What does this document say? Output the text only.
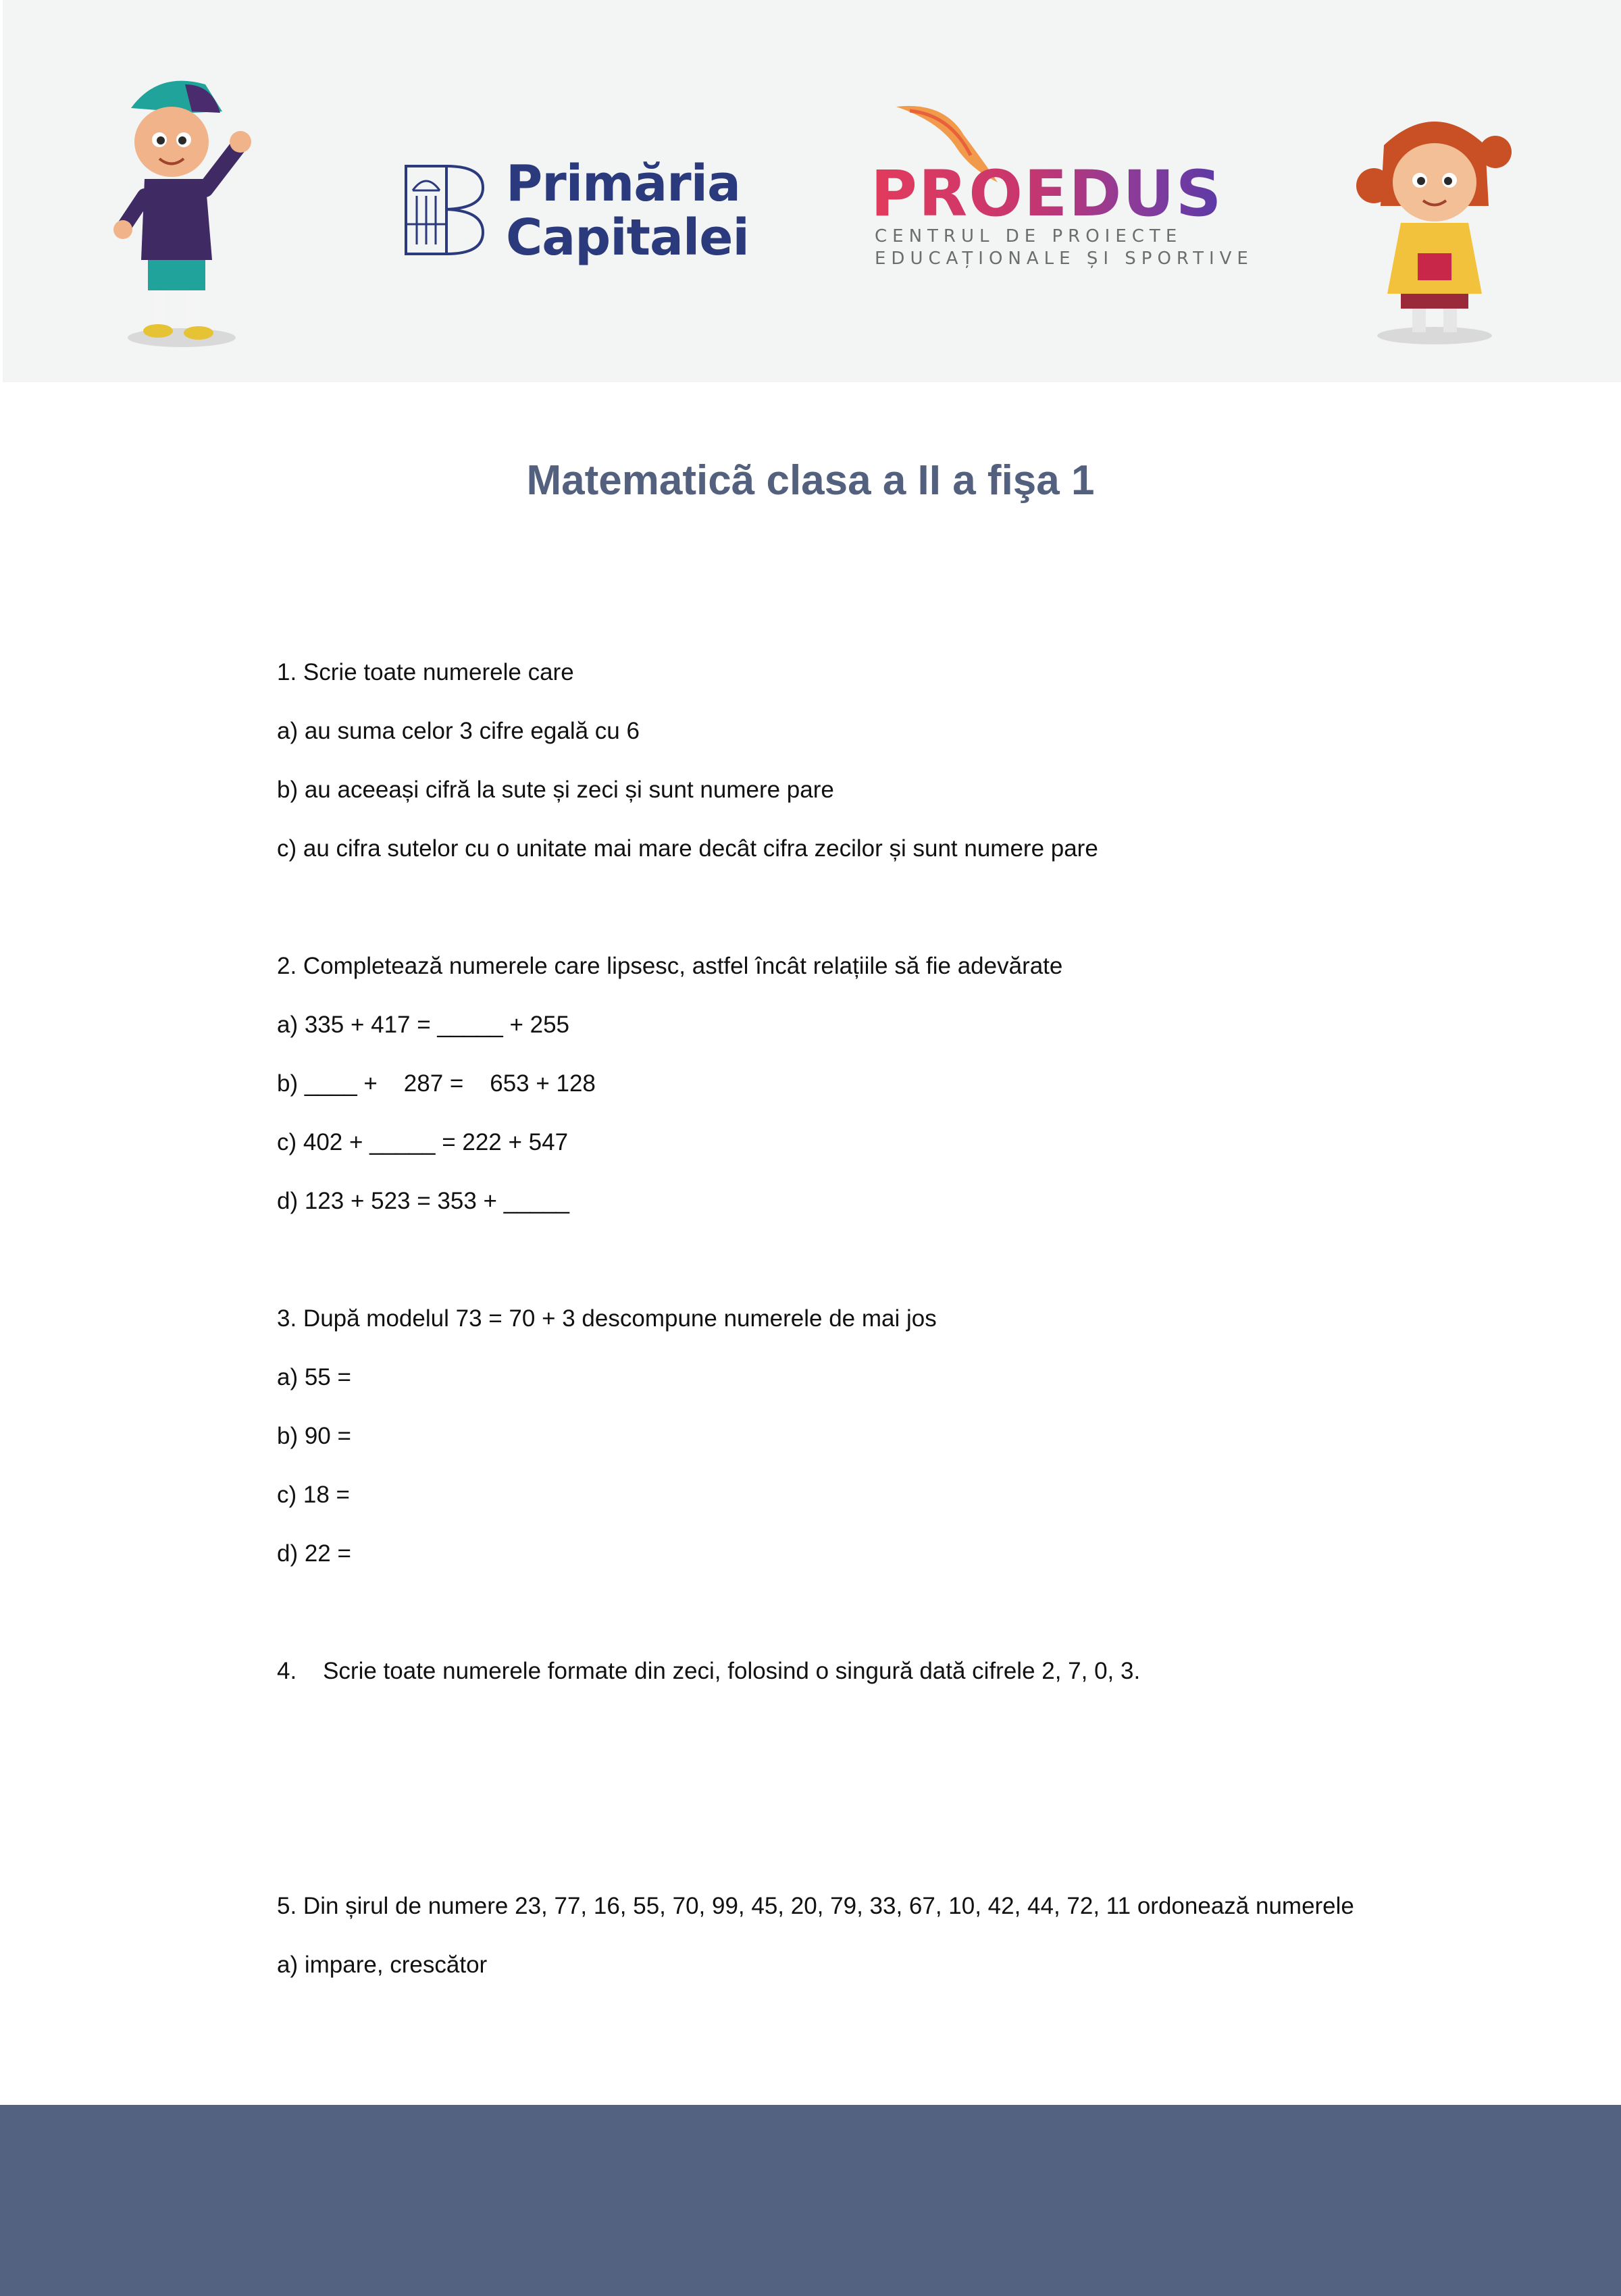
Primăria
Capitalei
PROEDUS
CENTRUL DE PROIECTE
EDUCAȚIONALE ȘI SPORTIVE
Matematicã clasa a II a fişa 1
1. Scrie toate numerele care
a) au suma celor 3 cifre egală cu 6
b) au aceeași cifră la sute și zeci și sunt numere pare
c) au cifra sutelor cu o unitate mai mare decât cifra zecilor și sunt numere pare
2. Completează numerele care lipsesc, astfel încât relațiile să fie adevărate
a) 335 + 417 = _____ + 255
b) ____ +    287 =    653 + 128
c) 402 + _____ = 222 + 547
d) 123 + 523 = 353 + _____
3. După modelul 73 = 70 + 3 descompune numerele de mai jos
a) 55 =
b) 90 =
c) 18 =
d) 22 =
4.    Scrie toate numerele formate din zeci, folosind o singură dată cifrele 2, 7, 0, 3.
5. Din șirul de numere 23, 77, 16, 55, 70, 99, 45, 20, 79, 33, 67, 10, 42, 44, 72, 11 ordonează numerele
a) impare, crescător
